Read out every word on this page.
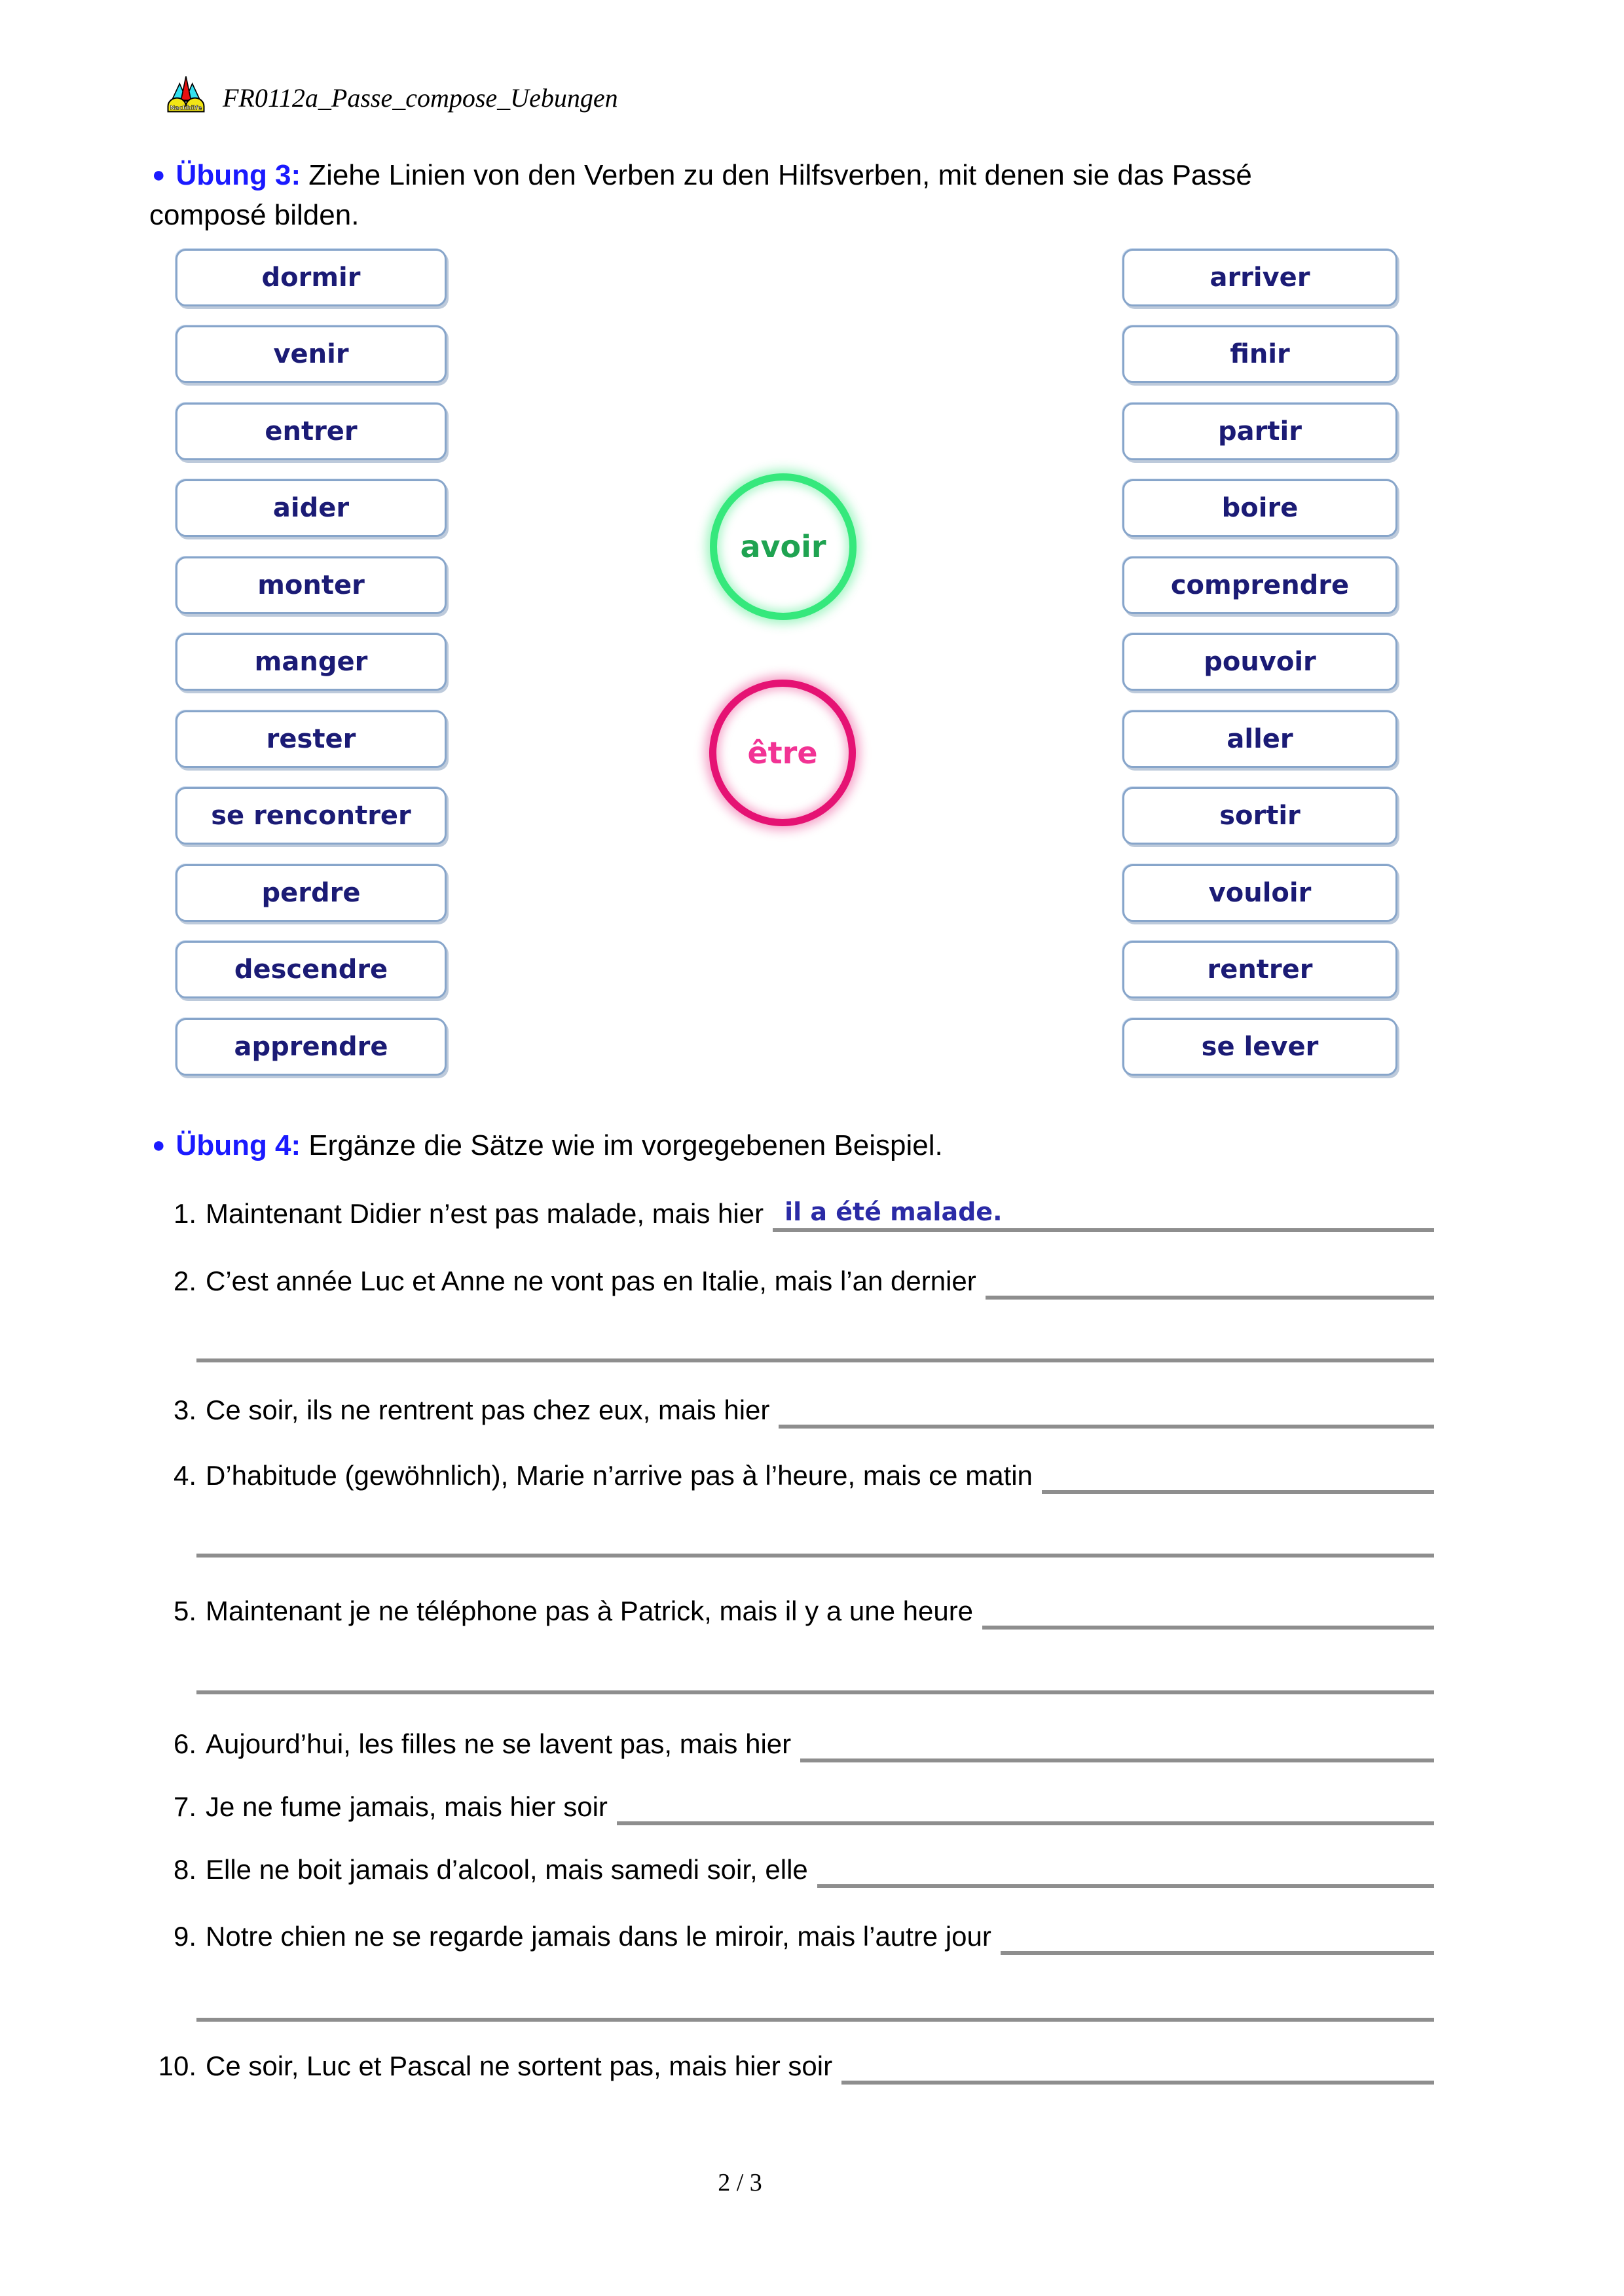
Nachhilfe FR0112a_Passe_compose_Uebungen
● Übung 3: Ziehe Linien von den Verben zu den Hilfsverben, mit denen sie das Passé
composé bilden.
dormir
venir
entrer
aider
monter
manger
rester
se rencontrer
perdre
descendre
apprendre
arriver
finir
partir
boire
comprendre
pouvoir
aller
sortir
vouloir
rentrer
se lever
avoir
être
● Übung 4: Ergänze die Sätze wie im vorgegebenen Beispiel.
1. Maintenant Didier n’est pas malade, mais hier il a été malade.
2. C’est année Luc et Anne ne vont pas en Italie, mais l’an dernier
3. Ce soir, ils ne rentrent pas chez eux, mais hier
4. D’habitude (gewöhnlich), Marie n’arrive pas à l’heure, mais ce matin
5. Maintenant je ne téléphone pas à Patrick, mais il y a une heure
6. Aujourd’hui, les filles ne se lavent pas, mais hier
7. Je ne fume jamais, mais hier soir
8. Elle ne boit jamais d’alcool, mais samedi soir, elle
9. Notre chien ne se regarde jamais dans le miroir, mais l’autre jour
10. Ce soir, Luc et Pascal ne sortent pas, mais hier soir
2 / 3
